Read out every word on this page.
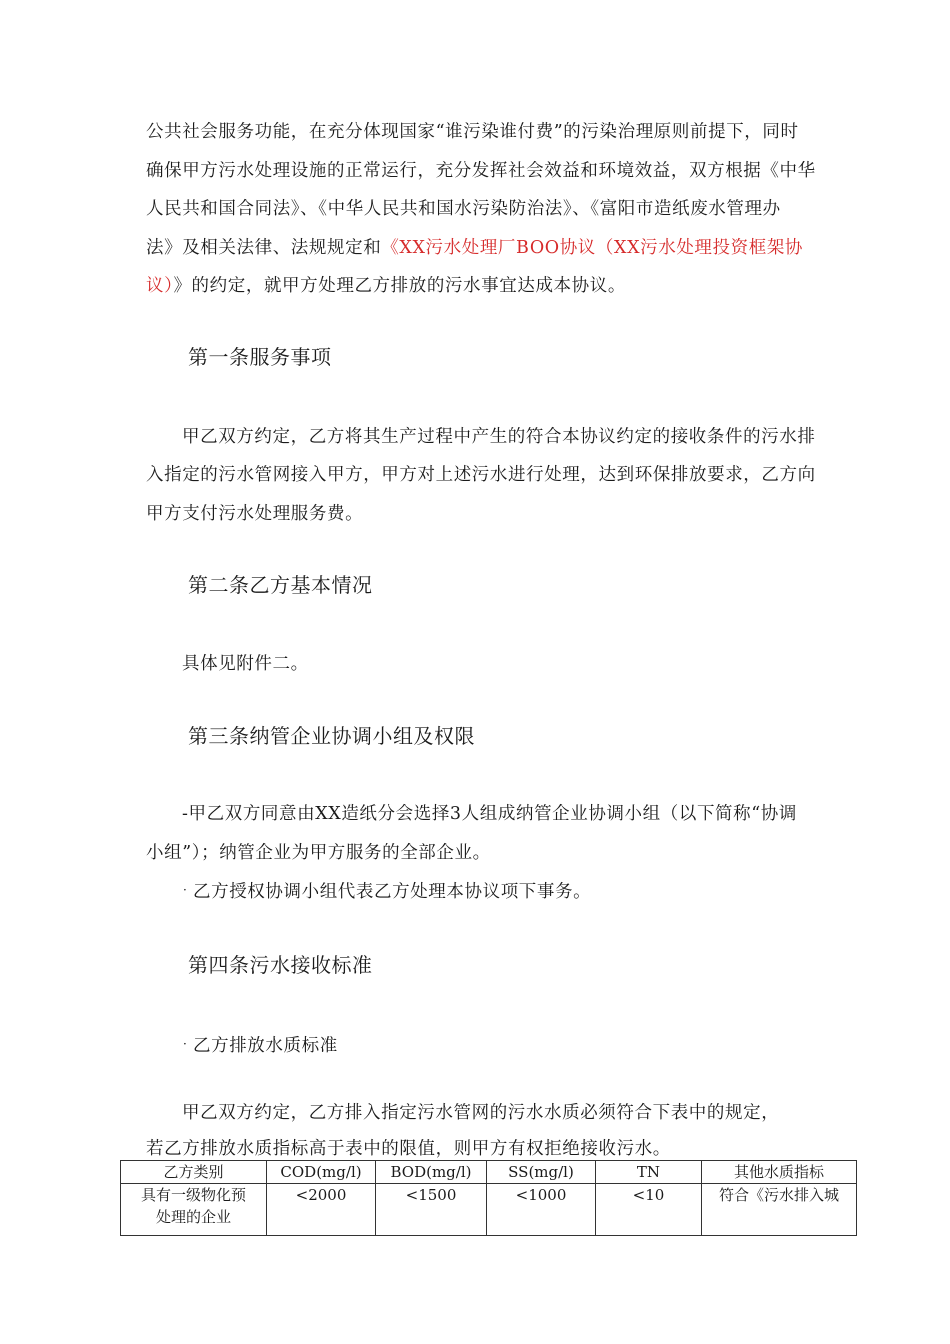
公共社会服务功能，在充分体现国家“谁污染谁付费”的污染治理原则前提下，同时
确保甲方污水处理设施的正常运行，充分发挥社会效益和环境效益，双方根据《中华
人民共和国合同法》、《中华人民共和国水污染防治法》、《富阳市造纸废水管理办
法》及相关法律、法规规定和《XX污水处理厂BOO协议（XX污水处理投资框架协
议）》的约定，就甲方处理乙方排放的污水事宜达成本协议。
第一条服务事项
甲乙双方约定，乙方将其生产过程中产生的符合本协议约定的接收条件的污水排
入指定的污水管网接入甲方，甲方对上述污水进行处理，达到环保排放要求，乙方向
甲方支付污水处理服务费。
第二条乙方基本情况
具体见附件二。
第三条纳管企业协调小组及权限
-甲乙双方同意由XX造纸分会选择3人组成纳管企业协调小组（以下简称“协调
小组”）；纳管企业为甲方服务的全部企业。
· 乙方授权协调小组代表乙方处理本协议项下事务。
第四条污水接收标准
· 乙方排放水质标准
甲乙双方约定，乙方排入指定污水管网的污水水质必须符合下表中的规定，
若乙方排放水质指标高于表中的限值，则甲方有权拒绝接收污水。
乙方类别	COD(mg/l)	BOD(mg/l)	SS(mg/l)	TN	其他水质指标

具有一级物化预
处理的企业	<2000	<1500	<1000	<10	符合《污水排入城
